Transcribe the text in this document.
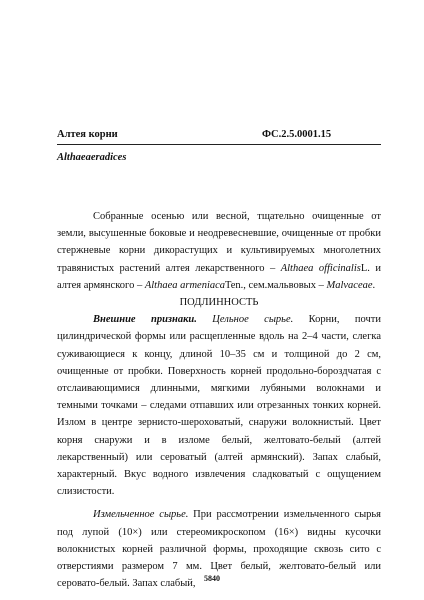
Алтея корни	ФС.2.5.0001.15
Althaeaeradices

Собранные осенью или весной, тщательно очищенные от земли, высушенные боковые и неодревесневшие, очищенные от пробки стержневые корни дикорастущих и культивируемых многолетних травянистых растений алтея лекарственного – Althaea officinalisL. и алтея армянского – Althaea armeniacaTen., сем.мальвовых – Malvaceae.

ПОДЛИННОСТЬ

Внешние признаки. Цельное сырье. Корни, почти цилиндрической формы или расщепленные вдоль на 2–4 части, слегка суживающиеся к концу, длиной 10–35 см и толщиной до 2 см, очищенные от пробки. Поверхность корней продольно-бороздчатая с отслаивающимися длинными, мягкими лубяными волокнами и темными точками – следами отпавших или отрезанных тонких корней. Излом в центре зернисто-шероховатый, снаружи волокнистый. Цвет корня снаружи и в изломе белый, желтовато-белый (алтей лекарственный) или сероватый (алтей армянский). Запах слабый, характерный. Вкус водного извлечения сладковатый с ощущением слизистости.

Измельченное сырье. При рассмотрении измельченного сырья под лупой (10×) или стереомикроскопом (16×) видны кусочки волокнистых корней различной формы, проходящие сквозь сито с отверстиями размером 7 мм. Цвет белый, желтовато-белый или серовато-белый. Запах слабый,	5840
